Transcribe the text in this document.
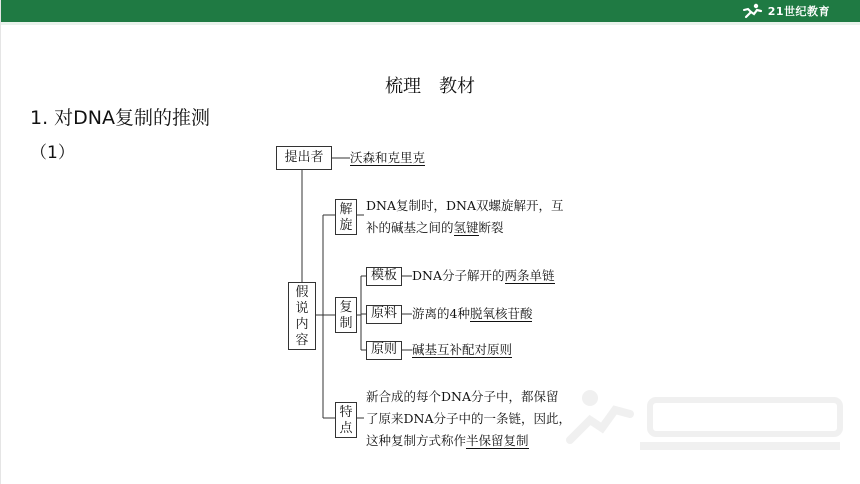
21世纪教育
梳理　教材
1. 对DNA复制的推测
（1）	提出者	沃森和克里克
假
说
内
容
解
旋
DNA复制时，DNA双螺旋解开，互
补的碱基之间的氢键断裂
复
制
模板	DNA分子解开的两条单链
原料	游离的4种脱氧核苷酸
原则	碱基互补配对原则
特
点
新合成的每个DNA分子中，都保留
了原来DNA分子中的一条链，因此，
这种复制方式称作半保留复制
